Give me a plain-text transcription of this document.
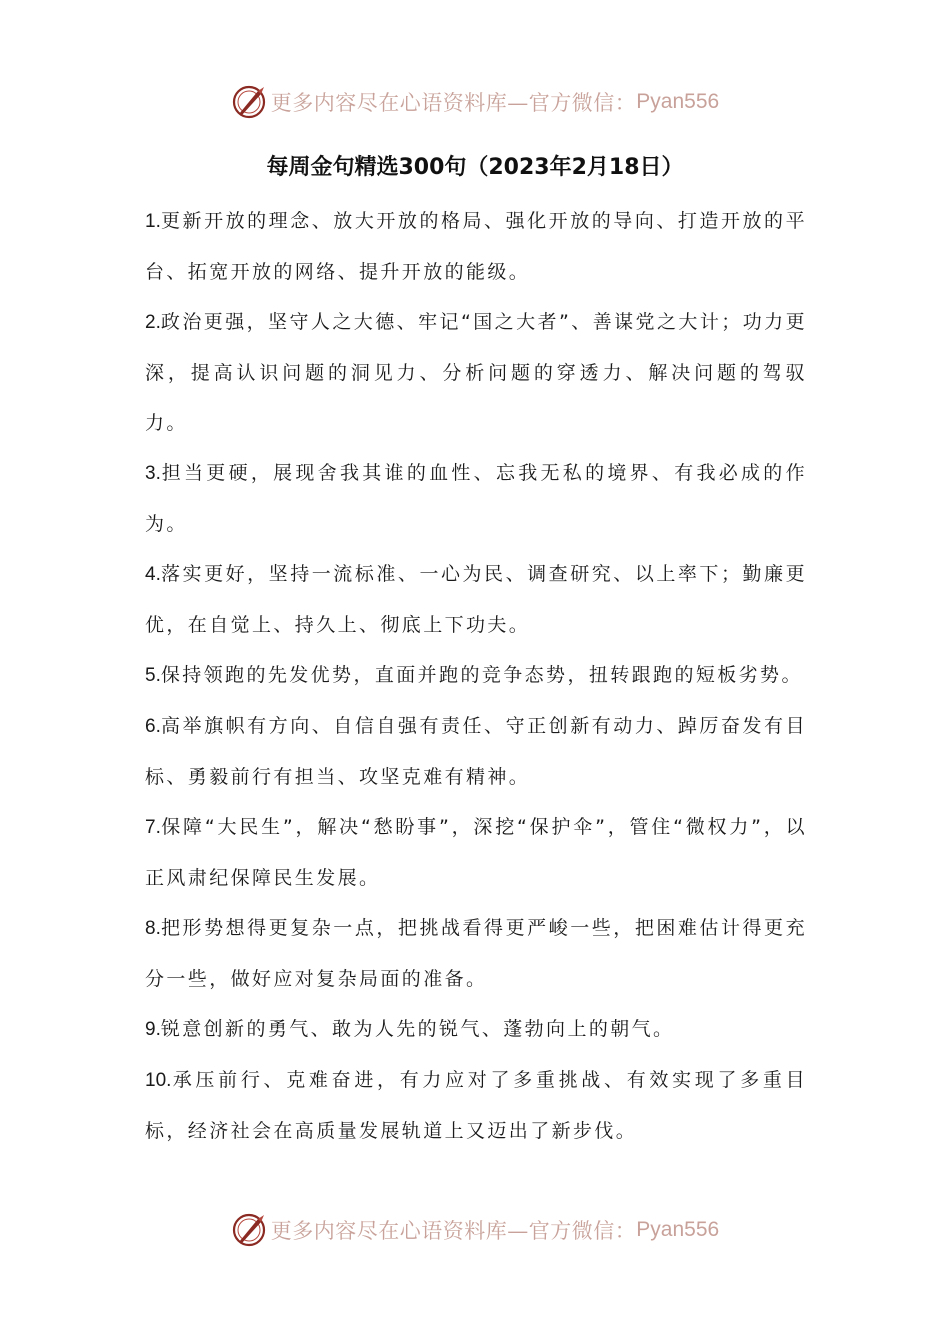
更多内容尽在心语资料库—官方微信： Pyan556
每周金句精选300句（2023年2月18日）

1.更新开放的理念、放大开放的格局、强化开放的导向、打造开放的平台、拓宽开放的网络、提升开放的能级。

2.政治更强，坚守人之大德、牢记“国之大者”、善谋党之大计；功力更深，提高认识问题的洞见力、分析问题的穿透力、解决问题的驾驭力。

3.担当更硬，展现舍我其谁的血性、忘我无私的境界、有我必成的作为。

4.落实更好，坚持一流标准、一心为民、调查研究、以上率下；勤廉更优，在自觉上、持久上、彻底上下功夫。

5.保持领跑的先发优势，直面并跑的竞争态势，扭转跟跑的短板劣势。

6.高举旗帜有方向、自信自强有责任、守正创新有动力、踔厉奋发有目标、勇毅前行有担当、攻坚克难有精神。

7.保障“大民生”，解决“愁盼事”，深挖“保护伞”，管住“微权力”，以正风肃纪保障民生发展。

8.把形势想得更复杂一点，把挑战看得更严峻一些，把困难估计得更充分一些，做好应对复杂局面的准备。

9.锐意创新的勇气、敢为人先的锐气、蓬勃向上的朝气。

10.承压前行、克难奋进，有力应对了多重挑战、有效实现了多重目标，经济社会在高质量发展轨道上又迈出了新步伐。

更多内容尽在心语资料库—官方微信： Pyan556
